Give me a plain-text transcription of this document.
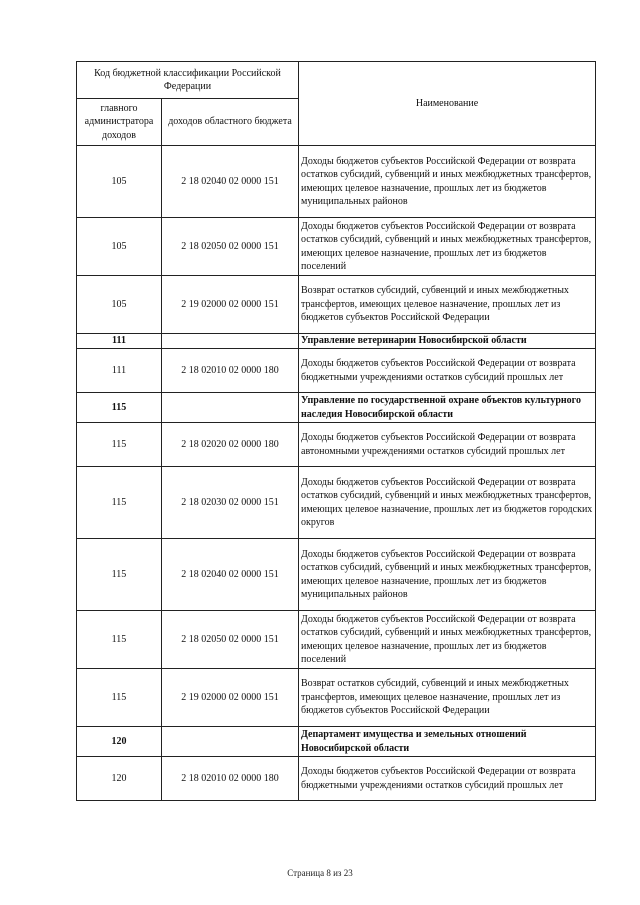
Код бюджетной классификации Российской Федерации		Наименование
главного администратора доходов	доходов областного бюджета	
105	2 18 02040 02 0000 151	Доходы бюджетов субъектов Российской Федерации от возврата остатков субсидий, субвенций и иных межбюджетных трансфертов, имеющих целевое назначение, прошлых лет из бюджетов муниципальных районов
105	2 18 02050 02 0000 151	Доходы бюджетов субъектов Российской Федерации от возврата остатков субсидий, субвенций и иных межбюджетных трансфертов, имеющих целевое назначение, прошлых лет из бюджетов поселений
105	2 19 02000 02 0000 151	Возврат остатков субсидий, субвенций и иных межбюджетных трансфертов, имеющих целевое назначение, прошлых лет из бюджетов субъектов Российской Федерации
111		Управление ветеринарии Новосибирской области
111	2 18 02010 02 0000 180	Доходы бюджетов субъектов Российской Федерации от возврата бюджетными учреждениями остатков субсидий прошлых лет
115		Управление по государственной охране объектов культурного наследия Новосибирской области
115	2 18 02020 02 0000 180	Доходы бюджетов субъектов Российской Федерации от возврата автономными учреждениями остатков субсидий прошлых лет
115	2 18 02030 02 0000 151	Доходы бюджетов субъектов Российской Федерации от возврата остатков субсидий, субвенций и иных межбюджетных трансфертов, имеющих целевое назначение, прошлых лет из бюджетов городских округов
115	2 18 02040 02 0000 151	Доходы бюджетов субъектов Российской Федерации от возврата остатков субсидий, субвенций и иных межбюджетных трансфертов, имеющих целевое назначение, прошлых лет из бюджетов муниципальных районов
115	2 18 02050 02 0000 151	Доходы бюджетов субъектов Российской Федерации от возврата остатков субсидий, субвенций и иных межбюджетных трансфертов, имеющих целевое назначение, прошлых лет из бюджетов поселений
115	2 19 02000 02 0000 151	Возврат остатков субсидий, субвенций и иных межбюджетных трансфертов, имеющих целевое назначение, прошлых лет из бюджетов субъектов Российской Федерации
120		Департамент имущества и земельных отношений Новосибирской области
120	2 18 02010 02 0000 180	Доходы бюджетов субъектов Российской Федерации от возврата бюджетными учреждениями остатков субсидий прошлых лет
Страница 8 из 23
